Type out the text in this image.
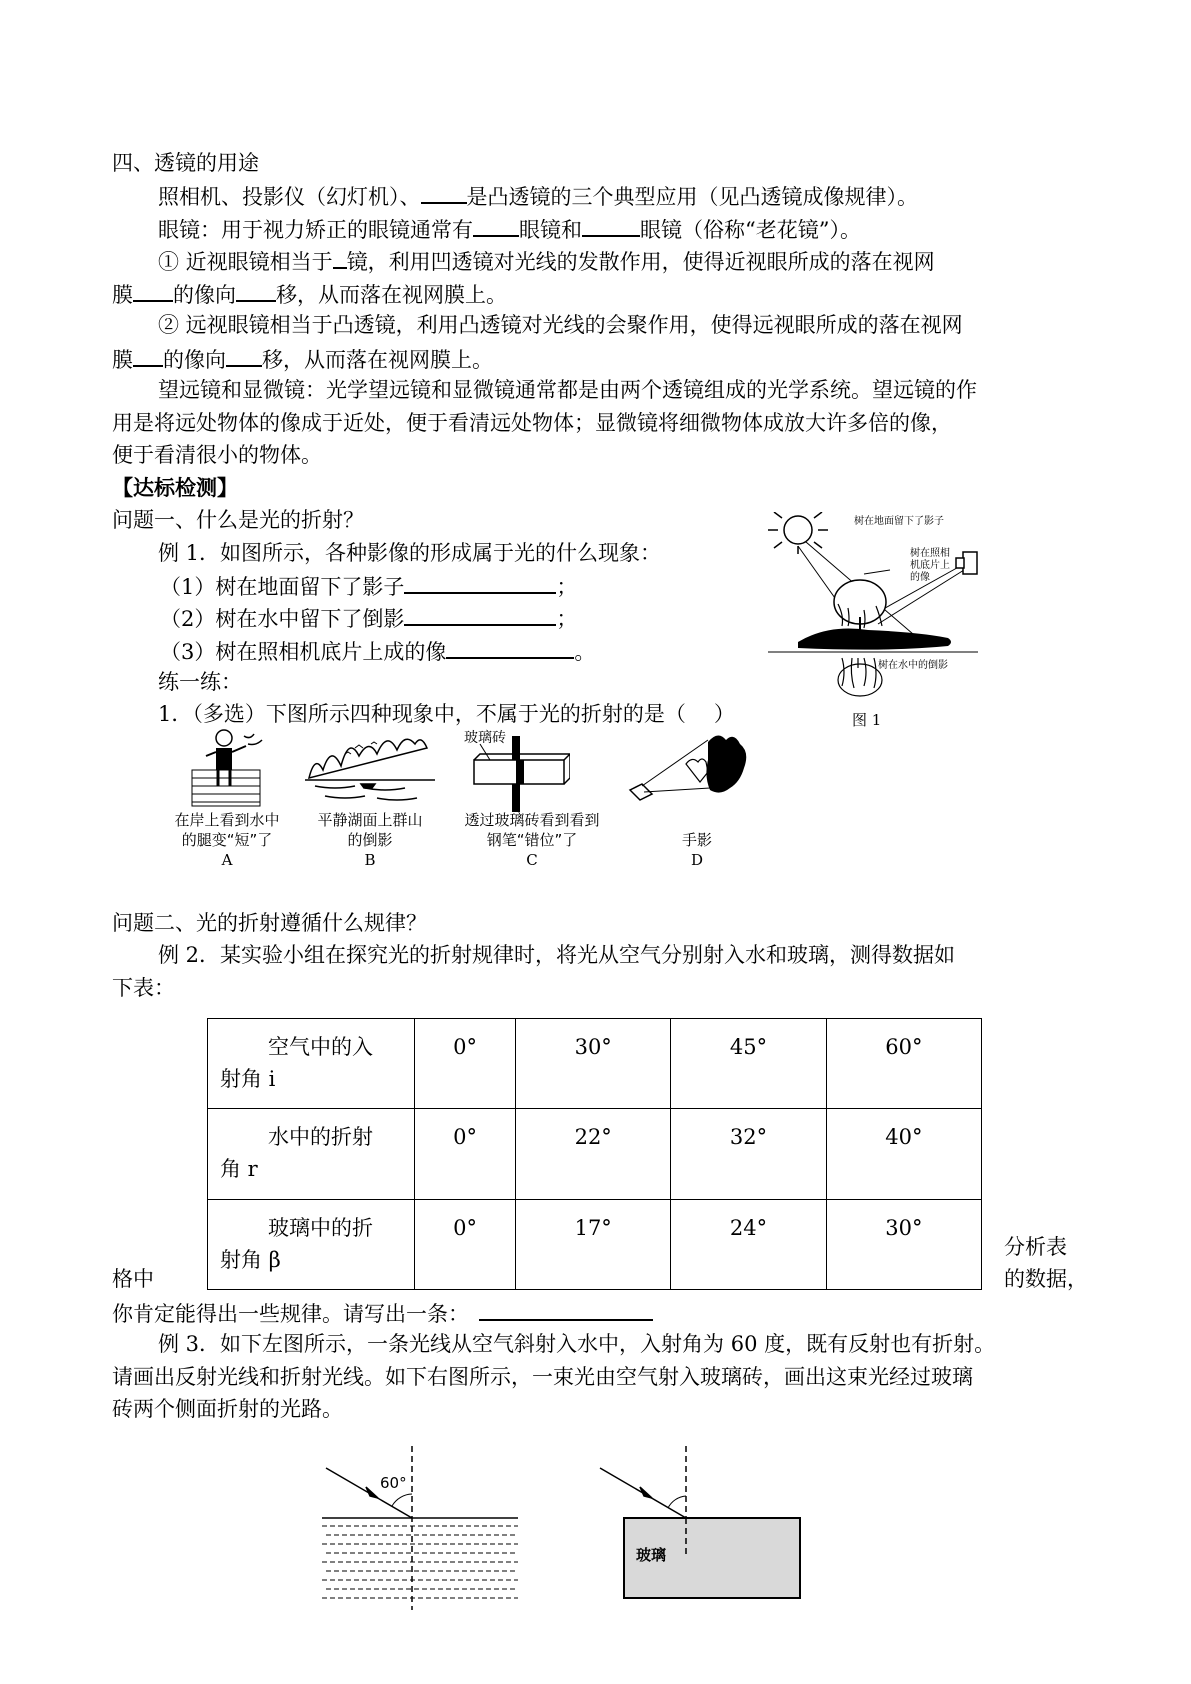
四、透镜的用途
照相机、投影仪（幻灯机）、 是凸透镜的三个典型应用（见凸透镜成像规律）。
眼镜：用于视力矫正的眼镜通常有 眼镜和	眼镜（俗称“老花镜”）。
① 近视眼镜相当于 镜，利用凹透镜对光线的发散作用，使得近视眼所成的落在视网
膜 的像向 移，从而落在视网膜上。
② 远视眼镜相当于凸透镜，利用凸透镜对光线的会聚作用，使得远视眼所成的落在视网
膜 的像向 移，从而落在视网膜上。
望远镜和显微镜：光学望远镜和显微镜通常都是由两个透镜组成的光学系统。望远镜的作
用是将远处物体的像成于近处，便于看清远处物体；显微镜将细微物体成放大许多倍的像，
便于看清很小的物体。
【达标检测】
问题一、什么是光的折射？
例 1．如图所示，各种影像的形成属于光的什么现象：
（1）树在地面留下了影子	；
（2）树在水中留下了倒影	；
（3）树在照相机底片上成的像	。
练一练：
1．（多选）下图所示四种现象中，不属于光的折射的是（ ）
树在地面留下了影子
树在照相
机底片上
的像
树在水中的倒影
图 1
玻璃砖
在岸上看到水中
的腿变“短”了
A
平静湖面上群山
的倒影
B
透过玻璃砖看到看到
钢笔“错位”了
C
手影
D
问题二、光的折射遵循什么规律？
例 2．某实验小组在探究光的折射规律时，将光从空气分别射入水和玻璃，测得数据如
下表：
空气中的入
射角 i	0°	30°	45°	60°

水中的折射
角 r	0°	22°	32°	40°

玻璃中的折
射角 β	0°	17°	24°	30°
格中
分析表
的数据，
你肯定能得出一些规律。请写出一条：
例 3．如下左图所示，一条光线从空气斜射入水中，入射角为 60 度，既有反射也有折射。
请画出反射光线和折射光线。如下右图所示，一束光由空气射入玻璃砖，画出这束光经过玻璃
砖两个侧面折射的光路。
60°
玻璃
